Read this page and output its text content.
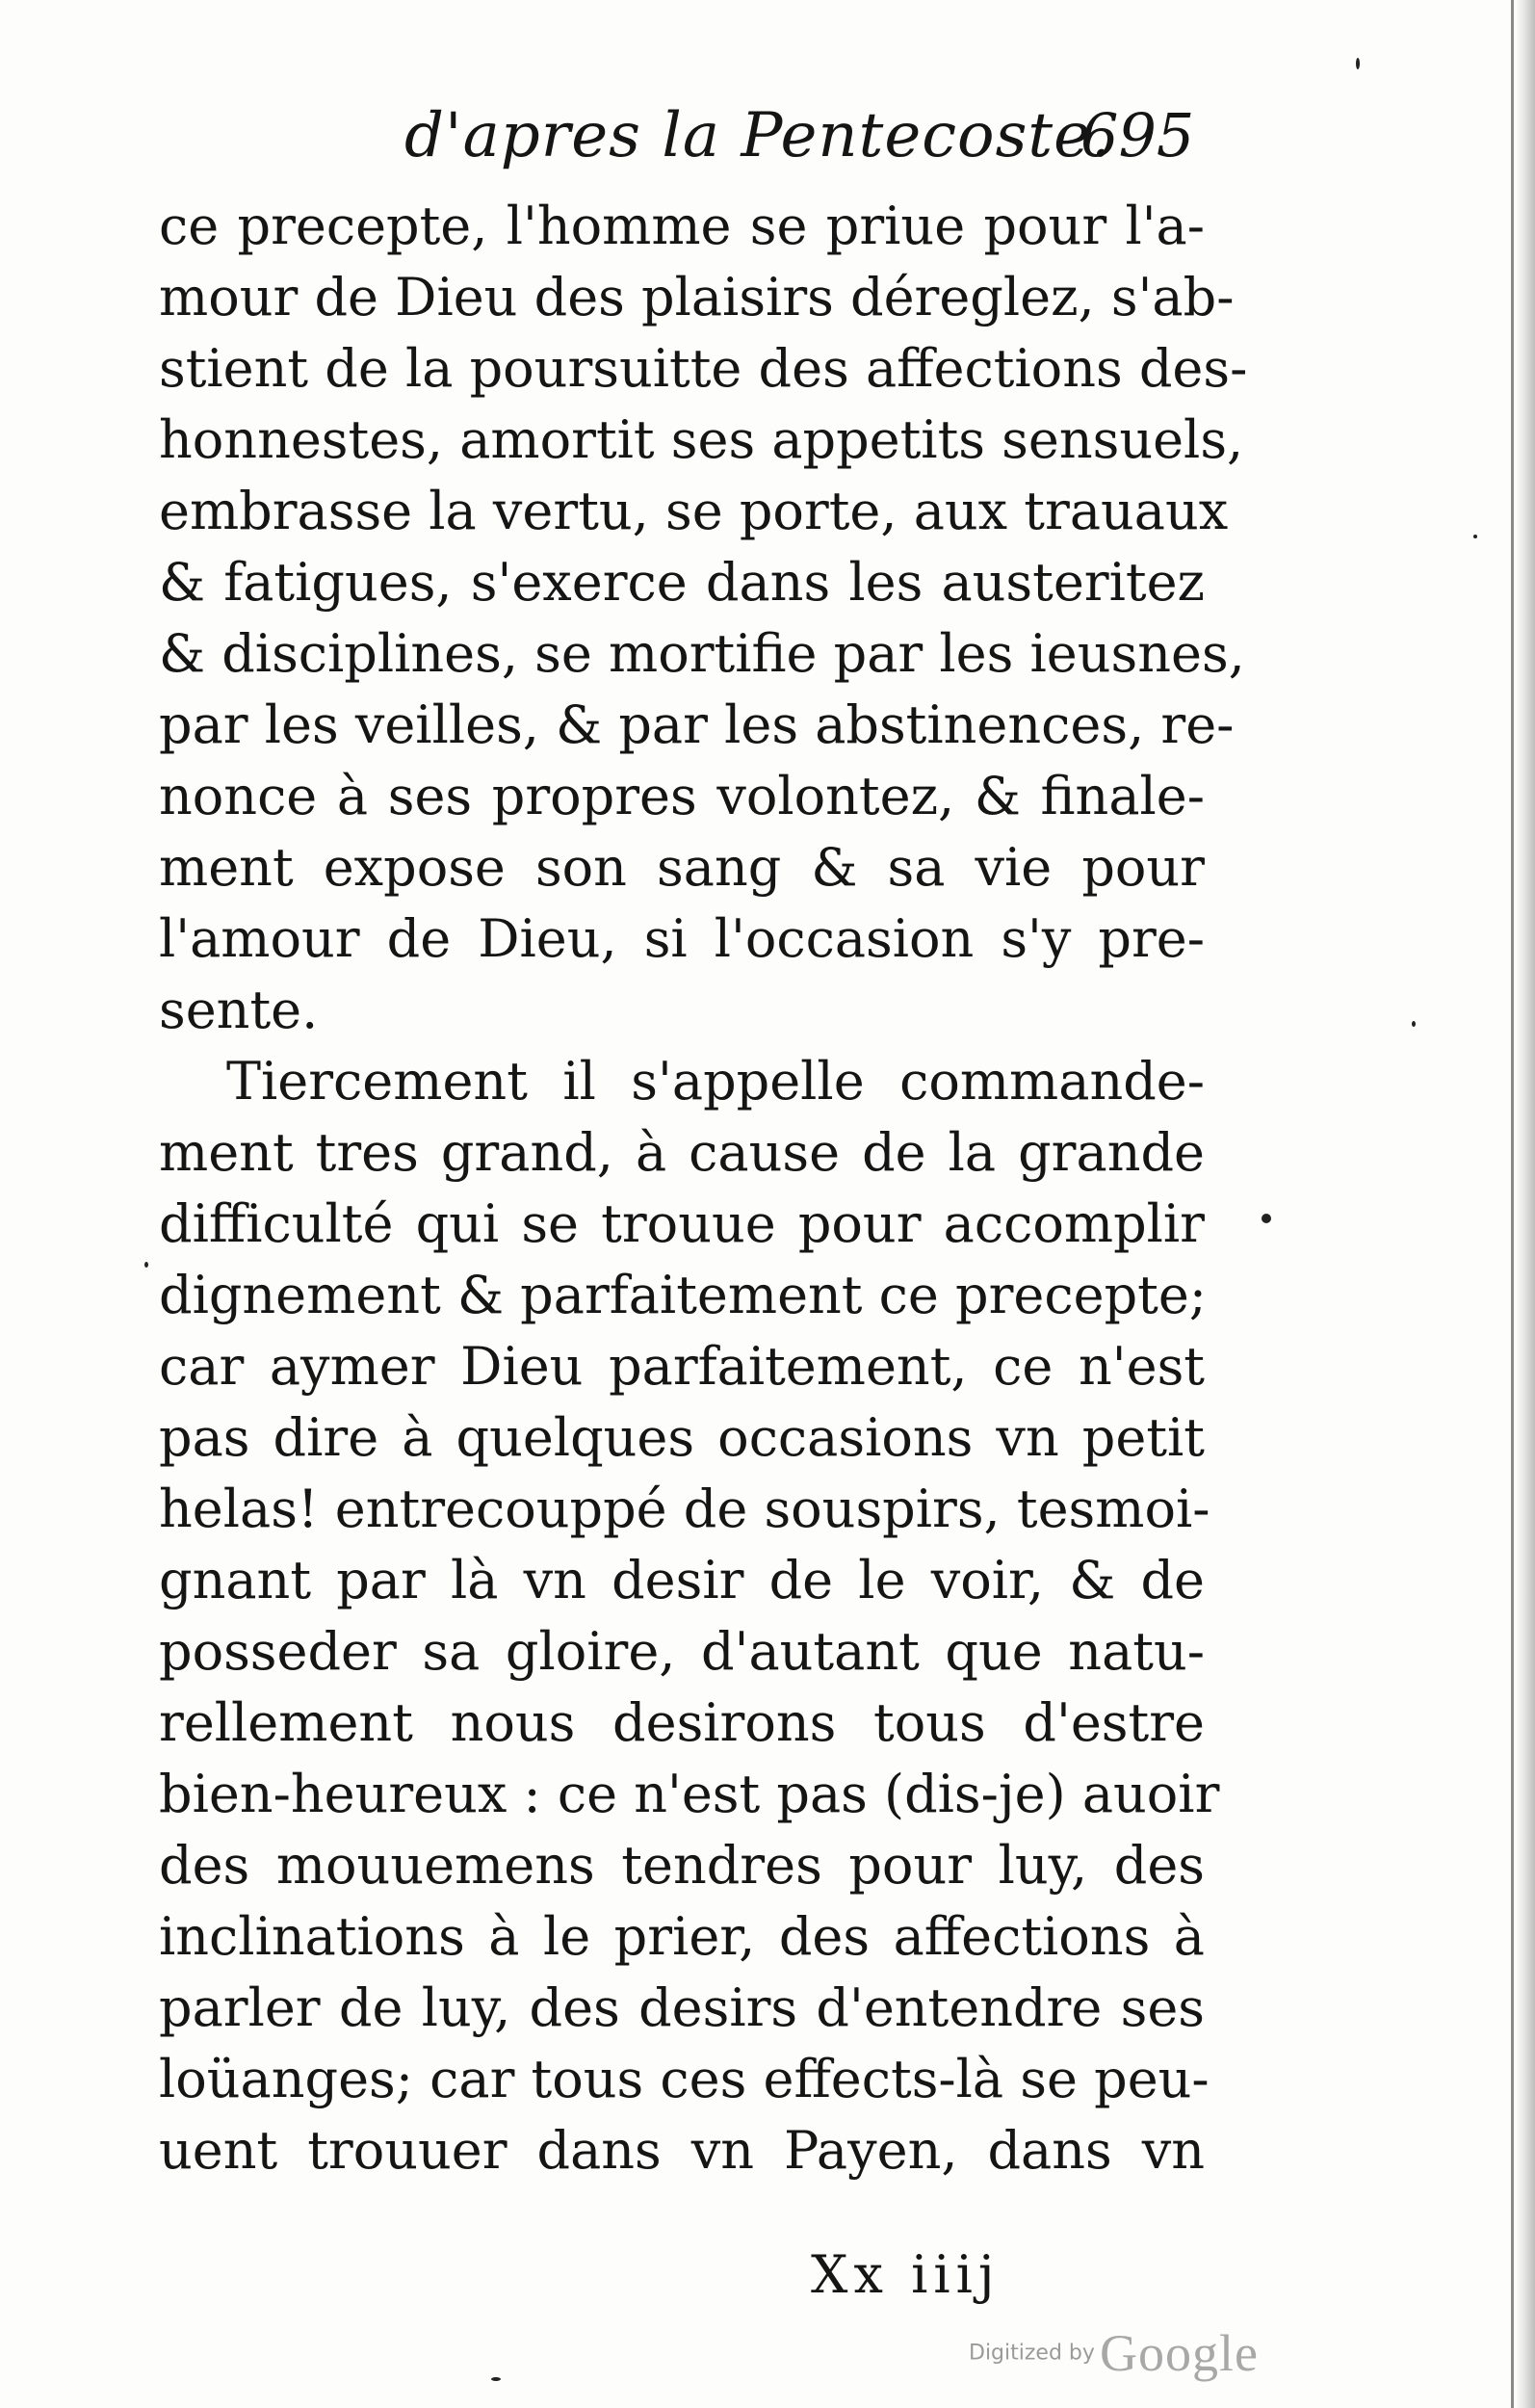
d'apres la Pentecoste.
695
ce precepte, l'homme se priue pour l'a-
mour de Dieu des plaisirs déreglez, s'ab-
stient de la poursuitte des affections des-
honnestes, amortit ses appetits sensuels,
embrasse la vertu, se porte, aux trauaux
& fatigues, s'exerce dans les austeritez
& disciplines, se mortifie par les ieusnes,
par les veilles, & par les abstinences, re-
nonce à ses propres volontez, & finale-
ment expose son sang & sa vie pour
l'amour de Dieu, si l'occasion s'y pre-
sente.
Tiercement il s'appelle commande-
ment tres grand, à cause de la grande
difficulté qui se trouue pour accomplir
dignement & parfaitement ce precepte;
car aymer Dieu parfaitement, ce n'est
pas dire à quelques occasions vn petit
helas! entrecouppé de souspirs, tesmoi-
gnant par là vn desir de le voir, & de
posseder sa gloire, d'autant que natu-
rellement nous desirons tous d'estre
bien-heureux : ce n'est pas (dis-je) auoir
des mouuemens tendres pour luy, des
inclinations à le prier, des affections à
parler de luy, des desirs d'entendre ses
loüanges; car tous ces effects-là se peu-
uent trouuer dans vn Payen, dans vn
Xx iiij
Digitized by Google
